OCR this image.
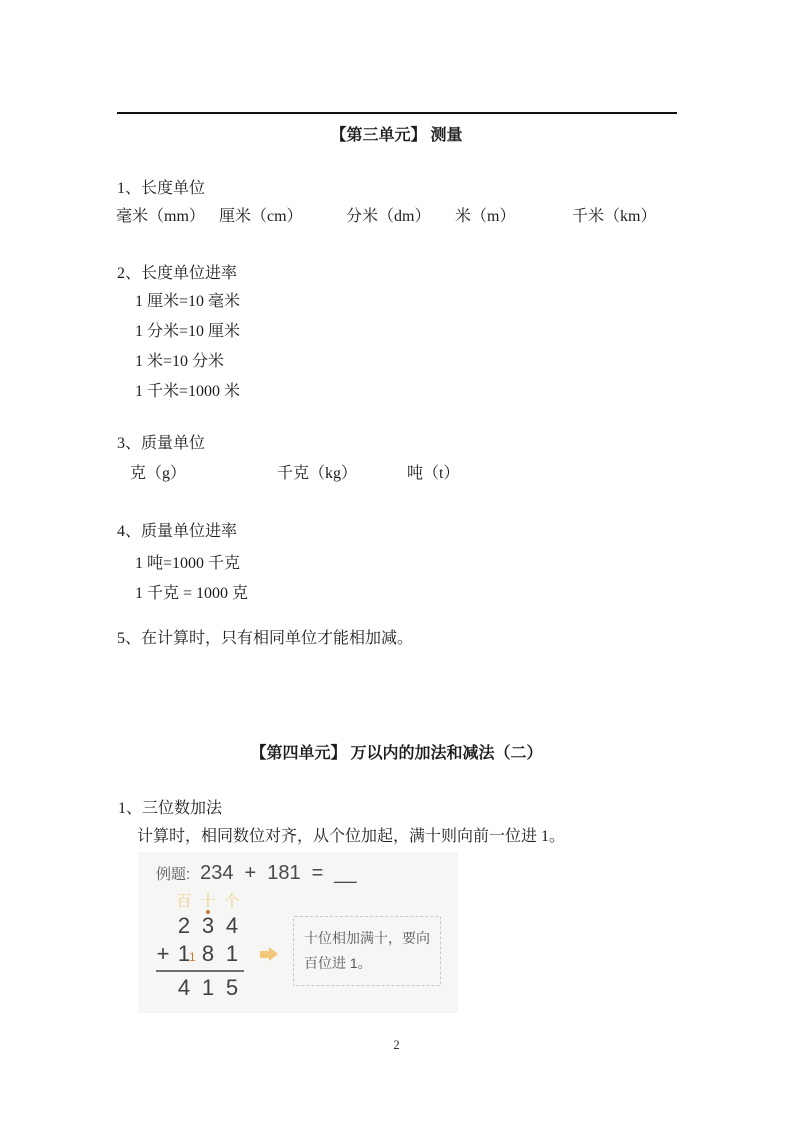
【第三单元】 测量
1、长度单位
毫米（mm） 厘米（cm）	分米（dm） 米（m）	千米（km）
2、长度单位进率
1 厘米=10 毫米
1 分米=10 厘米
1 米=10 分米
1 千米=1000 米
3、质量单位
克（g）	千克（kg）	吨（t）
4、质量单位进率
1 吨=1000 千克
1 千克 = 1000 克
5、在计算时，只有相同单位才能相加减。
【第四单元】 万以内的加法和减法（二）
1、三位数加法
计算时，相同数位对齐，从个位加起，满十则向前一位进 1。
例题: 234 + 181 = __
百 十 个
2 3 4
+ 1 8 1
1
4 1 5
十位相加满十，要向
百位进 1。
2
